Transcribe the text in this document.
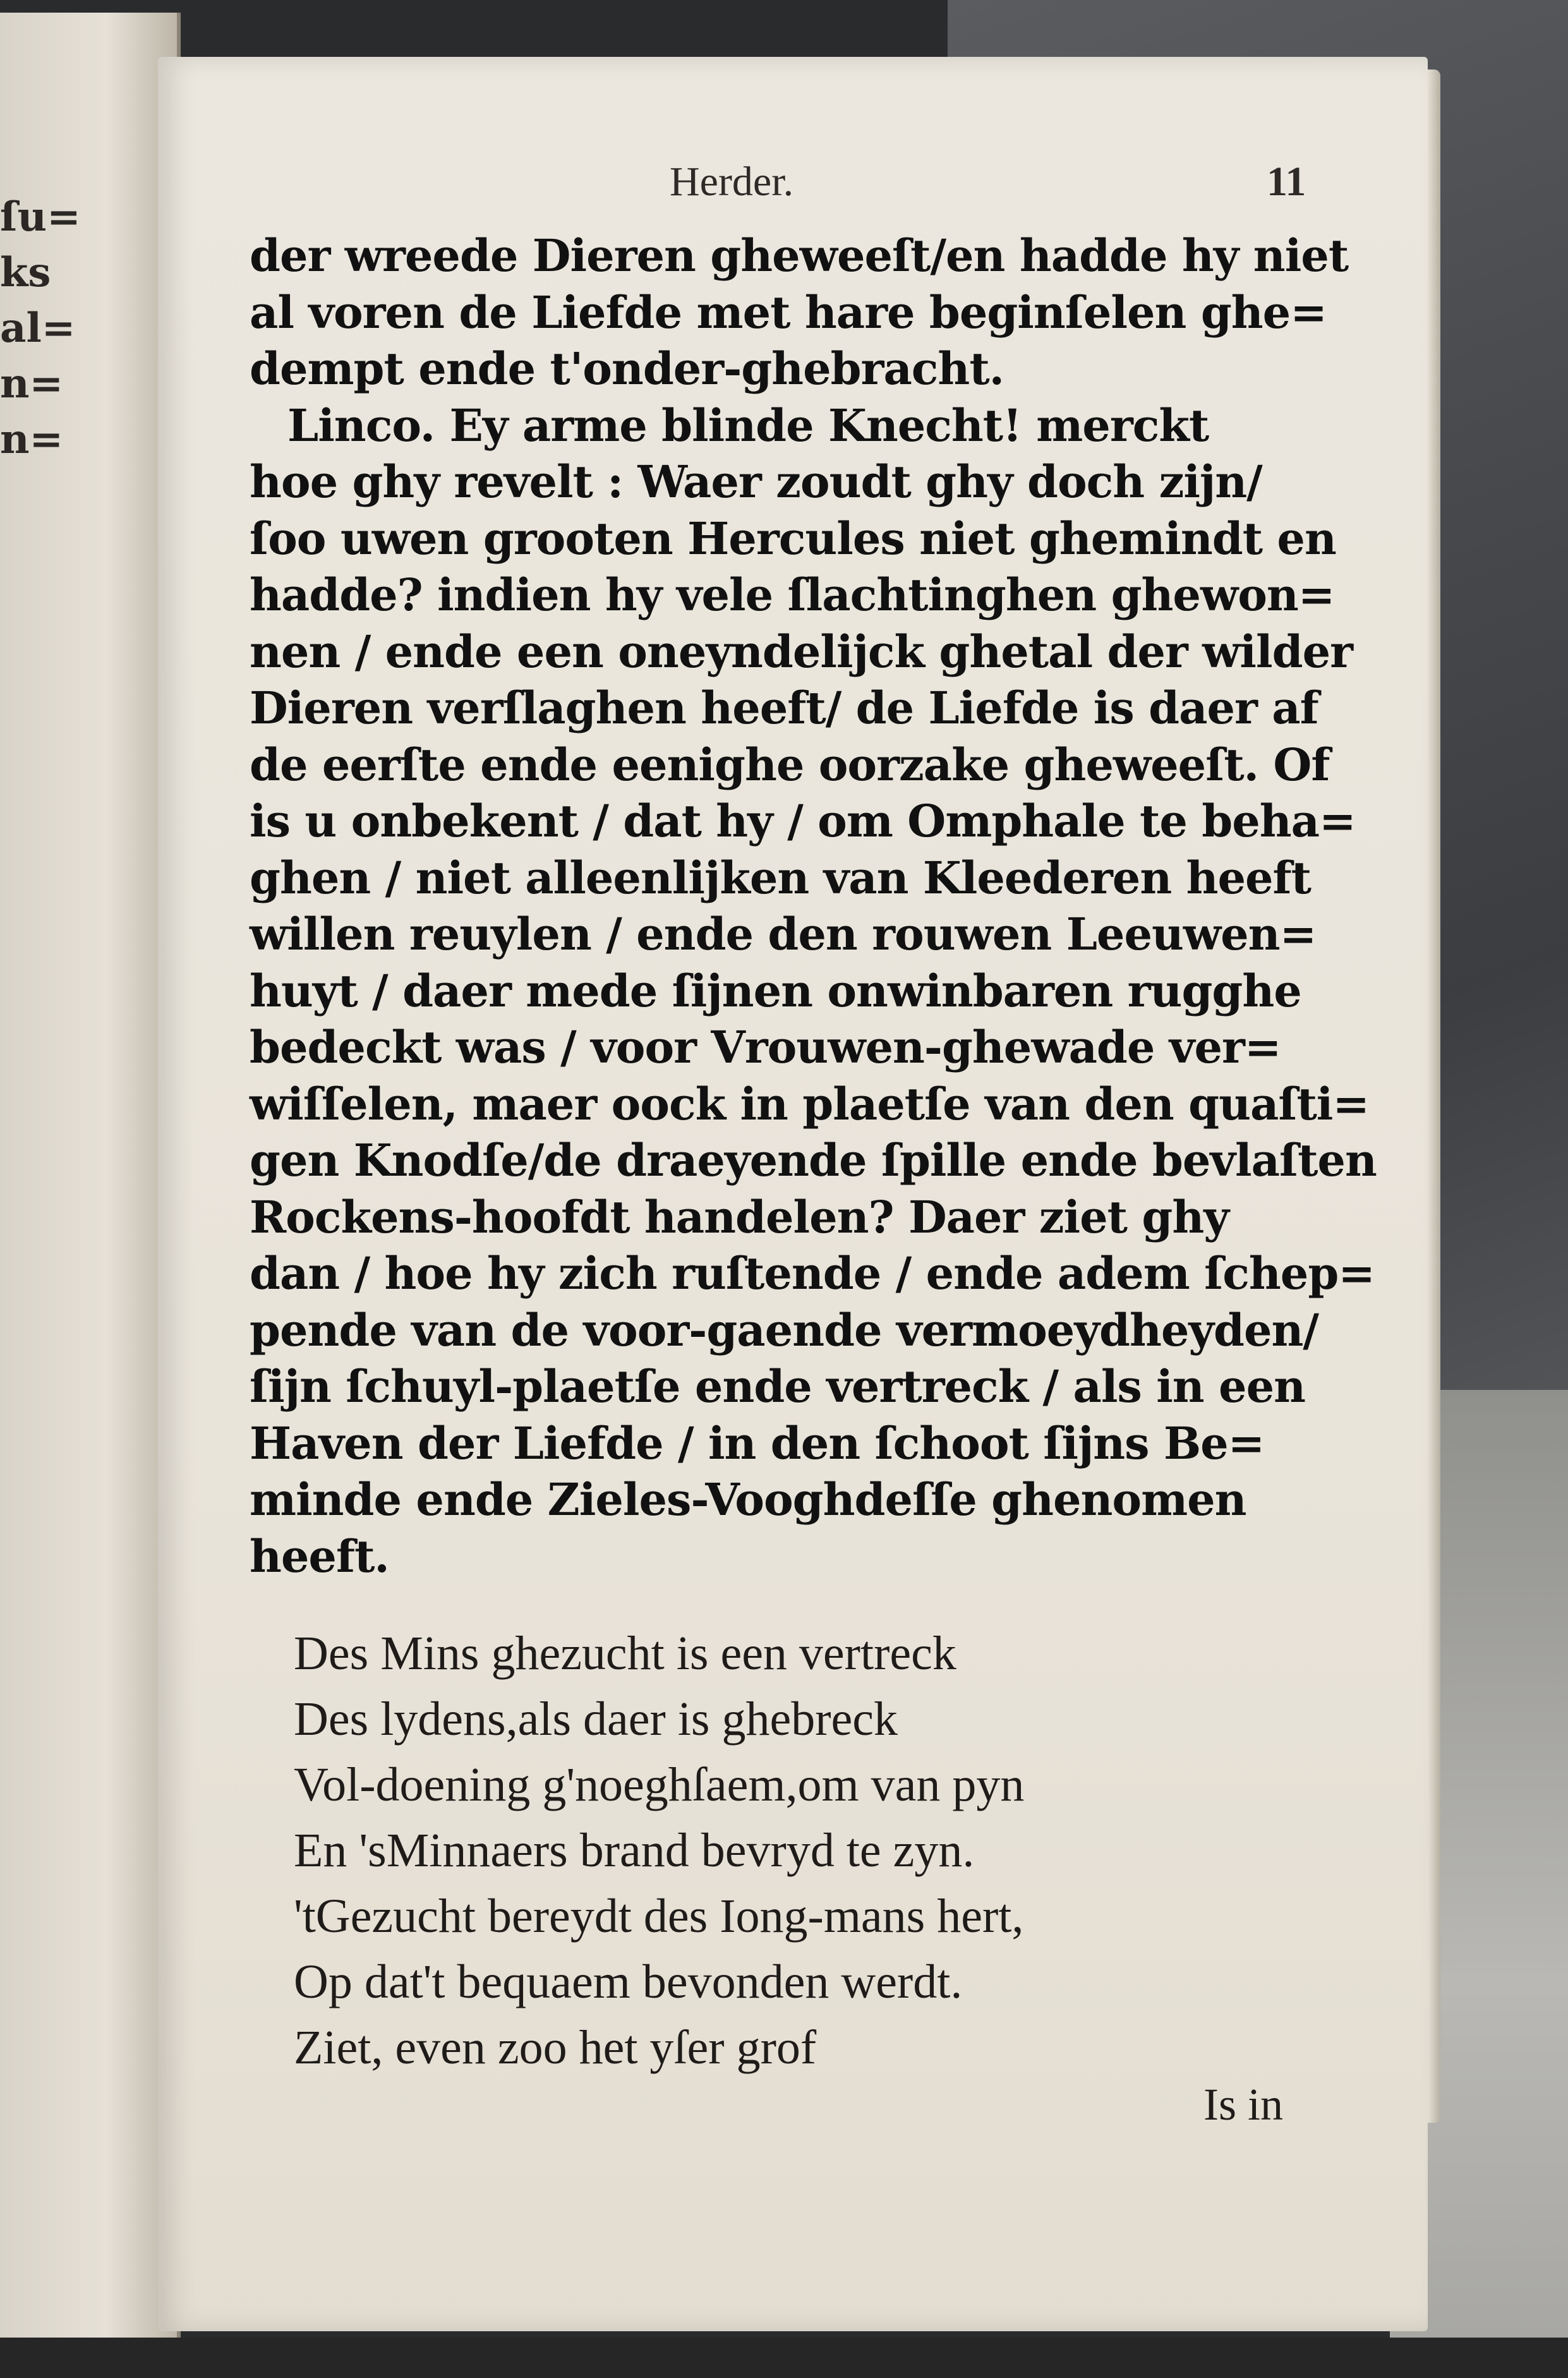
ſu=
ks
al=
n=
n=
Herder.	11
der wreede Dieren gheweeſt/en hadde hy niet
al voren de Liefde met hare beginſelen ghe=
dempt ende t'onder-ghebracht.
Linco. Ey arme blinde Knecht! merckt
hoe ghy revelt : Waer zoudt ghy doch zijn/
ſoo uwen grooten Hercules niet ghemindt en
hadde? indien hy vele ſlachtinghen ghewon=
nen / ende een oneyndelijck ghetal der wilder
Dieren verſlaghen heeft/ de Liefde is daer af
de eerſte ende eenighe oorzake gheweeſt. Of
is u onbekent / dat hy / om Omphale te beha=
ghen / niet alleenlijken van Kleederen heeft
willen reuylen / ende den rouwen Leeuwen=
huyt / daer mede ſijnen onwinbaren rugghe
bedeckt was / voor Vrouwen-ghewade ver=
wiſſelen, maer oock in plaetſe van den quaſti=
gen Knodſe/de draeyende ſpille ende bevlaſten
Rockens-hoofdt handelen? Daer ziet ghy
dan / hoe hy zich ruſtende / ende adem ſchep=
pende van de voor-gaende vermoeydheyden/
ſijn ſchuyl-plaetſe ende vertreck / als in een
Haven der Liefde / in den ſchoot ſijns Be=
minde ende Zieles-Vooghdeſſe ghenomen
heeft.
Des Mins ghezucht is een vertreck
Des lydens,als daer is ghebreck
Vol-doening g'noeghſaem,om van pyn
En 'sMinnaers brand bevryd te zyn.
'tGezucht bereydt des Iong-mans hert,
Op dat't bequaem bevonden werdt.
Ziet, even zoo het yſer grof
Is in
